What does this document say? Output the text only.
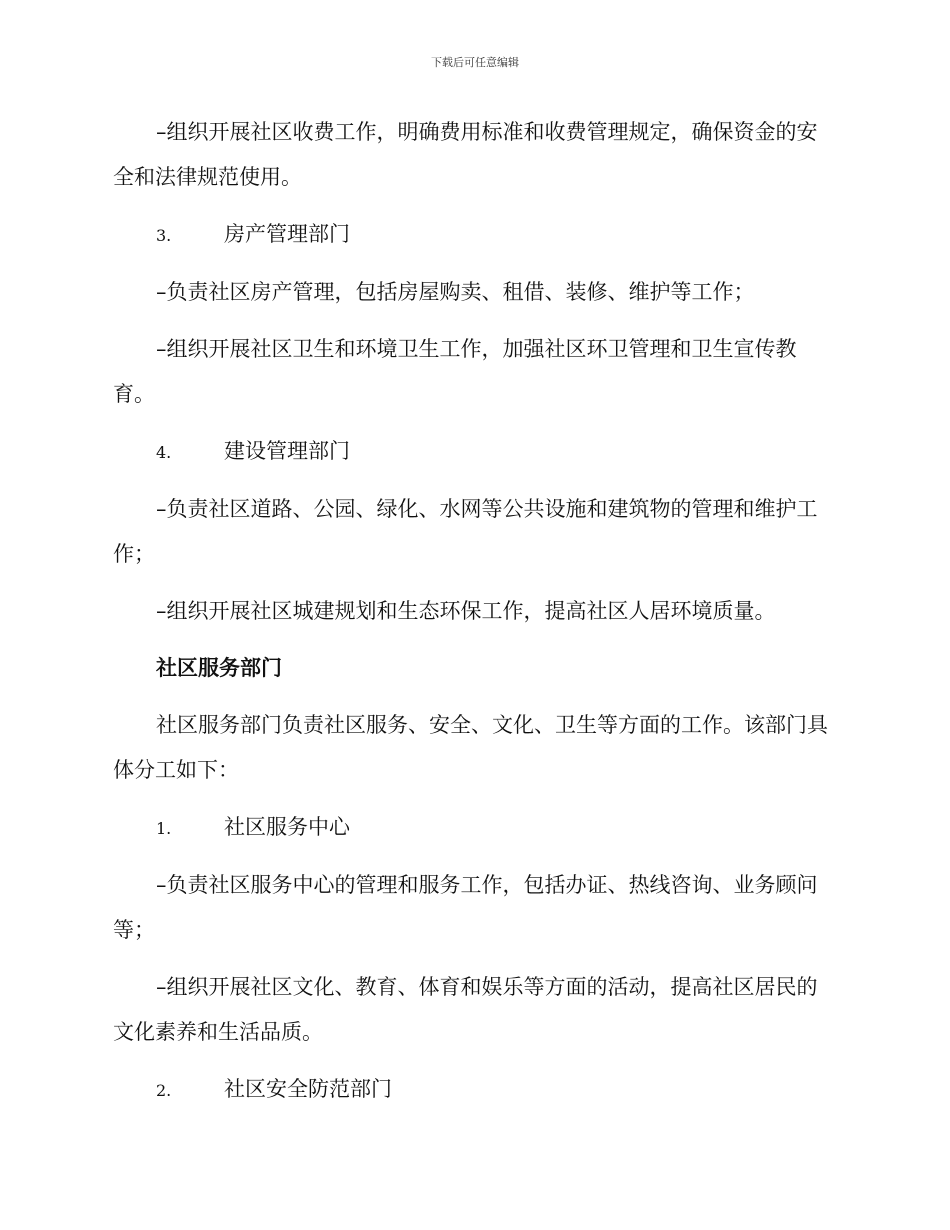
下载后可任意编辑

–组织开展社区收费工作，明确费用标准和收费管理规定，确保资金的安全和法律规范使用。

3.	房产管理部门

–负责社区房产管理，包括房屋购卖、租借、装修、维护等工作；

–组织开展社区卫生和环境卫生工作，加强社区环卫管理和卫生宣传教育。

4.	建设管理部门

–负责社区道路、公园、绿化、水网等公共设施和建筑物的管理和维护工作；

–组织开展社区城建规划和生态环保工作，提高社区人居环境质量。

社区服务部门

社区服务部门负责社区服务、安全、文化、卫生等方面的工作。该部门具体分工如下：

1.	社区服务中心

–负责社区服务中心的管理和服务工作，包括办证、热线咨询、业务顾问等；

–组织开展社区文化、教育、体育和娱乐等方面的活动，提高社区居民的文化素养和生活品质。

2.	社区安全防范部门
